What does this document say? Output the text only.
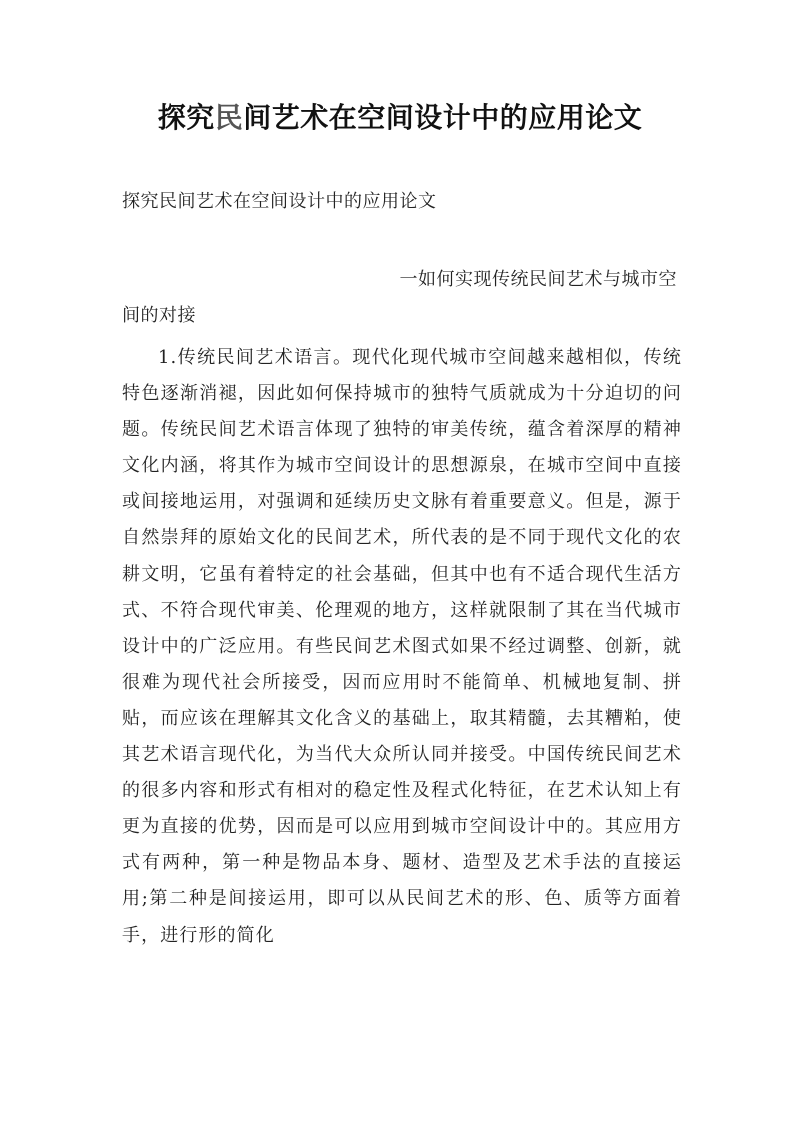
探究民间艺术在空间设计中的应用论文
探究民间艺术在空间设计中的应用论文
一如何实现传统民间艺术与城市空
间的对接
1.传统民间艺术语言。现代化现代城市空间越来越相似，传统特色逐渐消褪，因此如何保持城市的独特气质就成为十分迫切的问题。传统民间艺术语言体现了独特的审美传统，蕴含着深厚的精神文化内涵，将其作为城市空间设计的思想源泉，在城市空间中直接或间接地运用，对强调和延续历史文脉有着重要意义。但是，源于自然崇拜的原始文化的民间艺术，所代表的是不同于现代文化的农耕文明，它虽有着特定的社会基础，但其中也有不适合现代生活方式、不符合现代审美、伦理观的地方，这样就限制了其在当代城市设计中的广泛应用。有些民间艺术图式如果不经过调整、创新，就很难为现代社会所接受，因而应用时不能简单、机械地复制、拼贴，而应该在理解其文化含义的基础上，取其精髓，去其糟粕，使其艺术语言现代化，为当代大众所认同并接受。中国传统民间艺术的很多内容和形式有相对的稳定性及程式化特征，在艺术认知上有更为直接的优势，因而是可以应用到城市空间设计中的。其应用方式有两种，第一种是物品本身、题材、造型及艺术手法的直接运用;第二种是间接运用，即可以从民间艺术的形、色、质等方面着手，进行形的简化
